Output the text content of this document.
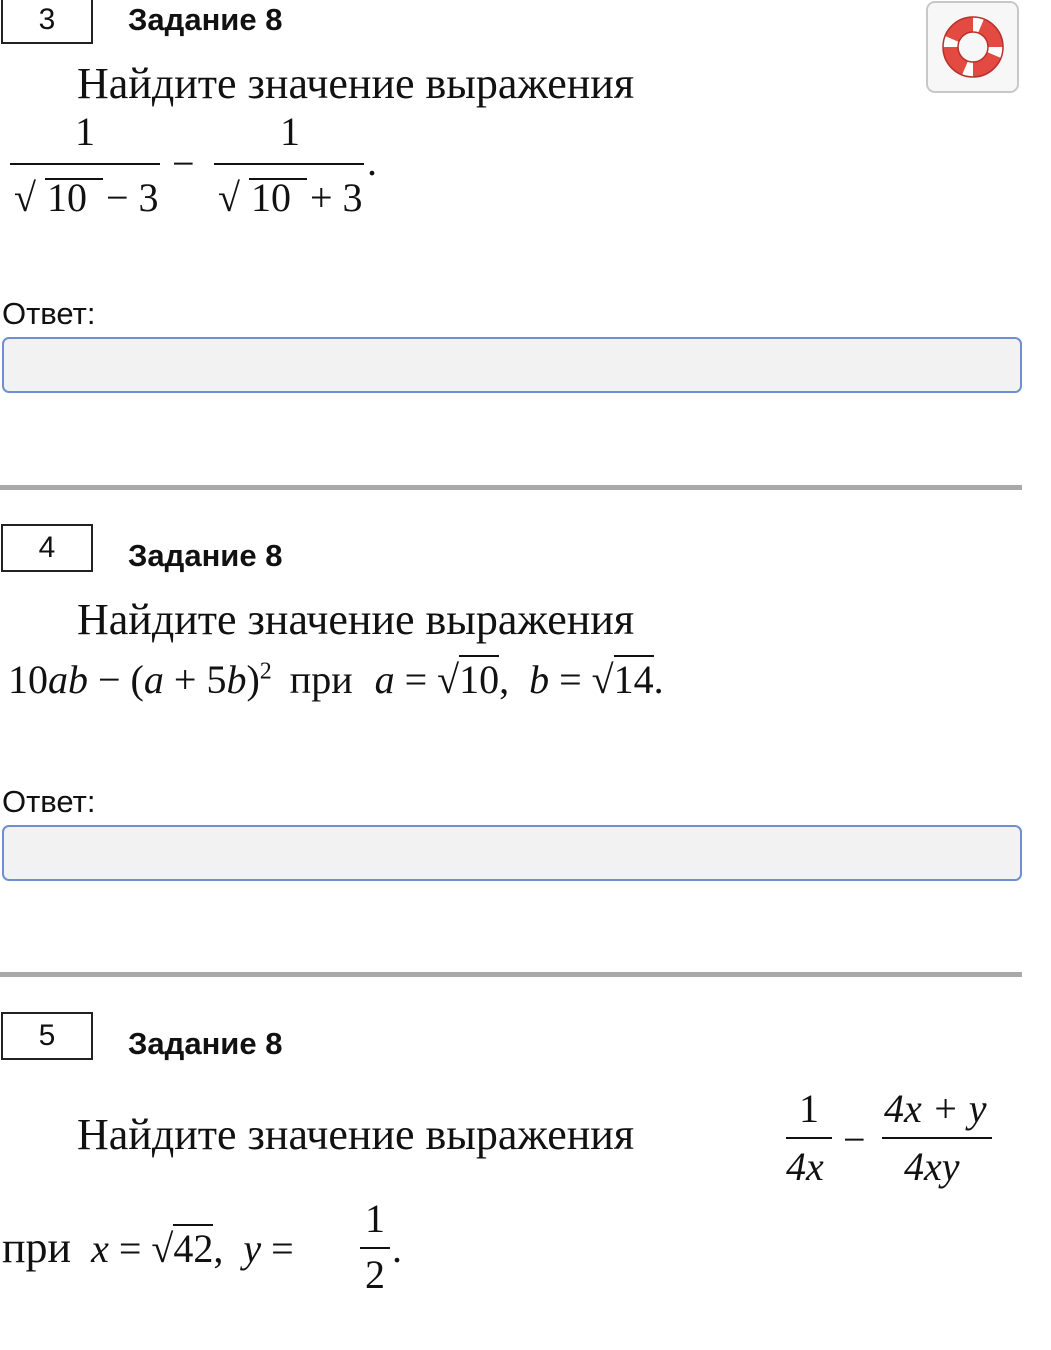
3	Задание 8
Найдите значение выражения
1
√ 10 − 3
−
1
√ 10 + 3
.
Ответ:
4	Задание 8
Найдите значение выражения
$10ab - (a + 5b)^2$ при a = √10, b = √14.
Ответ:
5	Задание 8
Найдите значение выражения
1
4x
−
4x + y
4xy
при x = √42, y =
1
2
.
